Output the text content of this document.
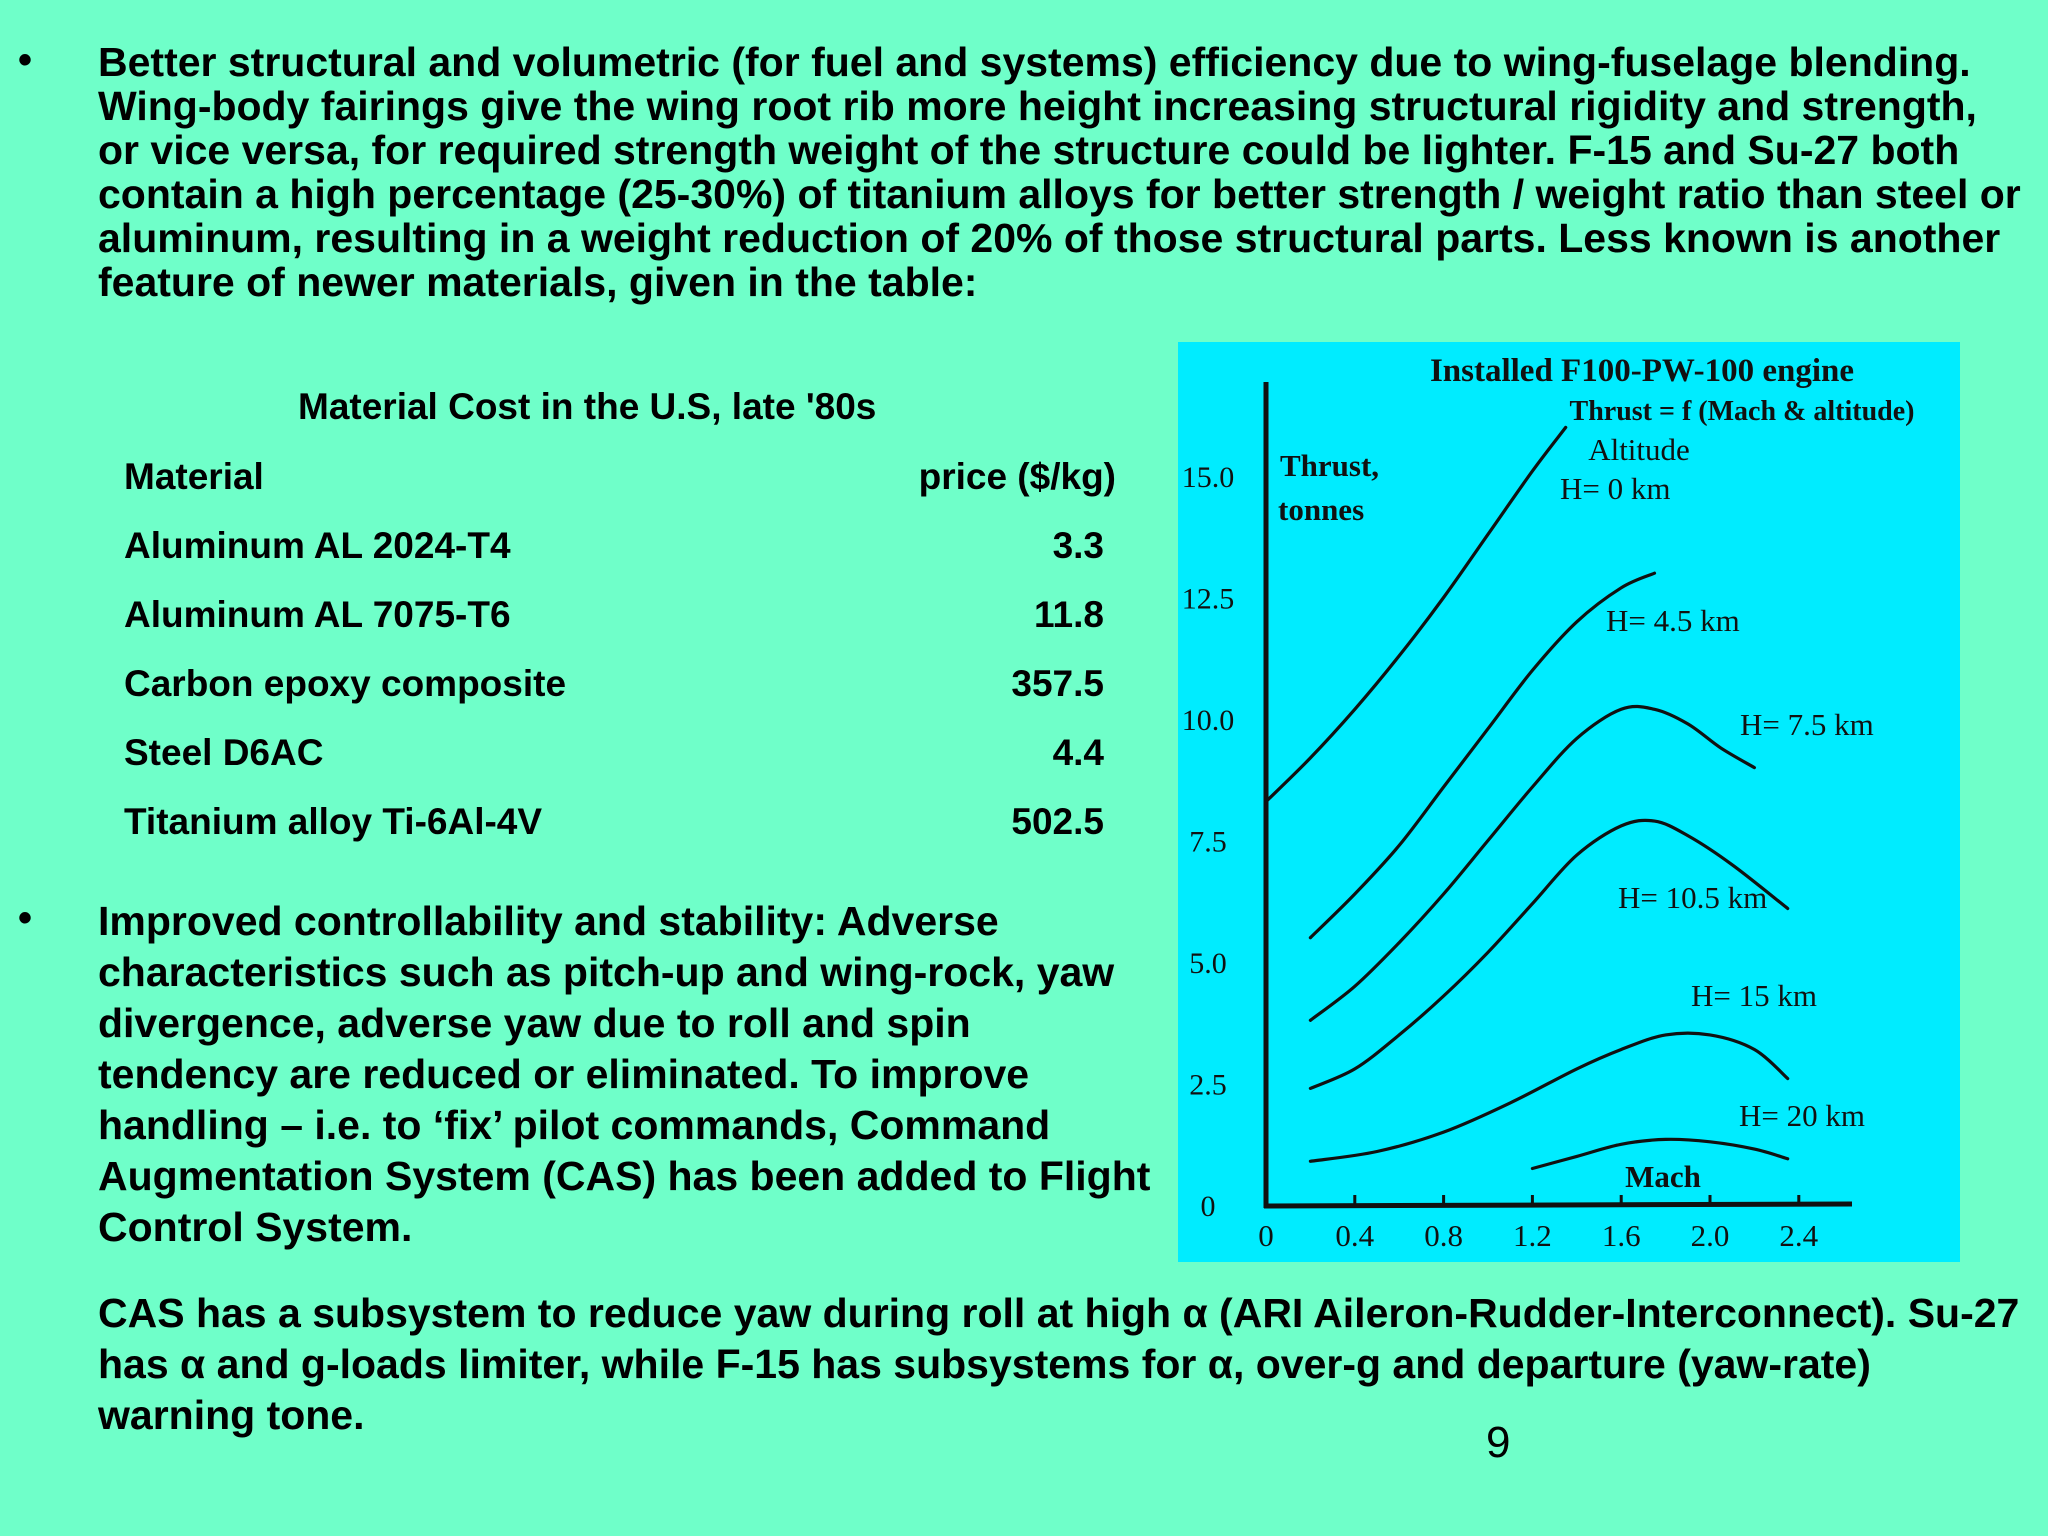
• Better structural and volumetric (for fuel and systems) efficiency due to wing-fuselage blending. Wing-body fairings give the wing root rib more height increasing structural rigidity and strength, or vice versa, for required strength weight of the structure could be lighter. F-15 and Su-27 both contain a high percentage (25-30%) of titanium alloys for better strength / weight ratio than steel or aluminum, resulting in a weight reduction of 20% of those structural parts. Less known is another feature of newer materials, given in the table:

Material Cost in the U.S, late '80s
Material	price ($/kg)
Aluminum AL 2024-T4	3.3
Aluminum AL 7075-T6	11.8
Carbon epoxy composite	357.5
Steel D6AC	4.4
Titanium alloy Ti-6Al-4V	502.5
• Improved controllability and stability: Adverse characteristics such as pitch-up and wing-rock, yaw divergence, adverse yaw due to roll and spin tendency are reduced or eliminated. To improve handling – i.e. to ‘fix’ pilot commands, Command Augmentation System (CAS) has been added to Flight Control System.

CAS has a subsystem to reduce yaw during roll at high α (ARI Aileron-Rudder-Interconnect). Su-27 has α and g-loads limiter, while F-15 has subsystems for α, over-g and departure (yaw-rate) warning tone.

9
Installed F100-PW-100 engine
Thrust = f (Mach & altitude)
Thrust,
tonnes
Altitude
Mach
0 0.4 0.8 1.2 1.6 2.0 2.4
0
2.5
5.0
7.5
10.0
12.5
15.0	H= 0 km
H= 4.5 km
H= 7.5 km
H= 10.5 km
H= 15 km
H= 20 km
